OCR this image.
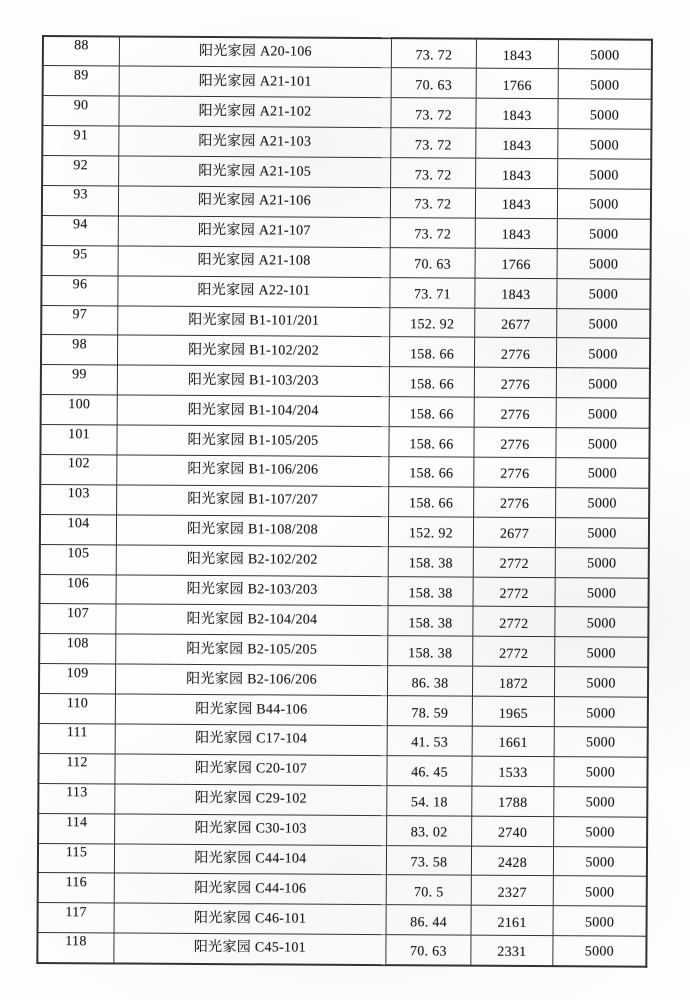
88	阳光家园 A20-106	73. 72	1843	5000
89	阳光家园 A21-101	70. 63	1766	5000
90	阳光家园 A21-102	73. 72	1843	5000
91	阳光家园 A21-103	73. 72	1843	5000
92	阳光家园 A21-105	73. 72	1843	5000
93	阳光家园 A21-106	73. 72	1843	5000
94	阳光家园 A21-107	73. 72	1843	5000
95	阳光家园 A21-108	70. 63	1766	5000
96	阳光家园 A22-101	73. 71	1843	5000
97	阳光家园 B1-101/201	152. 92	2677	5000
98	阳光家园 B1-102/202	158. 66	2776	5000
99	阳光家园 B1-103/203	158. 66	2776	5000
100	阳光家园 B1-104/204	158. 66	2776	5000
101	阳光家园 B1-105/205	158. 66	2776	5000
102	阳光家园 B1-106/206	158. 66	2776	5000
103	阳光家园 B1-107/207	158. 66	2776	5000
104	阳光家园 B1-108/208	152. 92	2677	5000
105	阳光家园 B2-102/202	158. 38	2772	5000
106	阳光家园 B2-103/203	158. 38	2772	5000
107	阳光家园 B2-104/204	158. 38	2772	5000
108	阳光家园 B2-105/205	158. 38	2772	5000
109	阳光家园 B2-106/206	86. 38	1872	5000
110	阳光家园 B44-106	78. 59	1965	5000
111	阳光家园 C17-104	41. 53	1661	5000
112	阳光家园 C20-107	46. 45	1533	5000
113	阳光家园 C29-102	54. 18	1788	5000
114	阳光家园 C30-103	83. 02	2740	5000
115	阳光家园 C44-104	73. 58	2428	5000
116	阳光家园 C44-106	70. 5	2327	5000
117	阳光家园 C46-101	86. 44	2161	5000
118	阳光家园 C45-101	70. 63	2331	5000
